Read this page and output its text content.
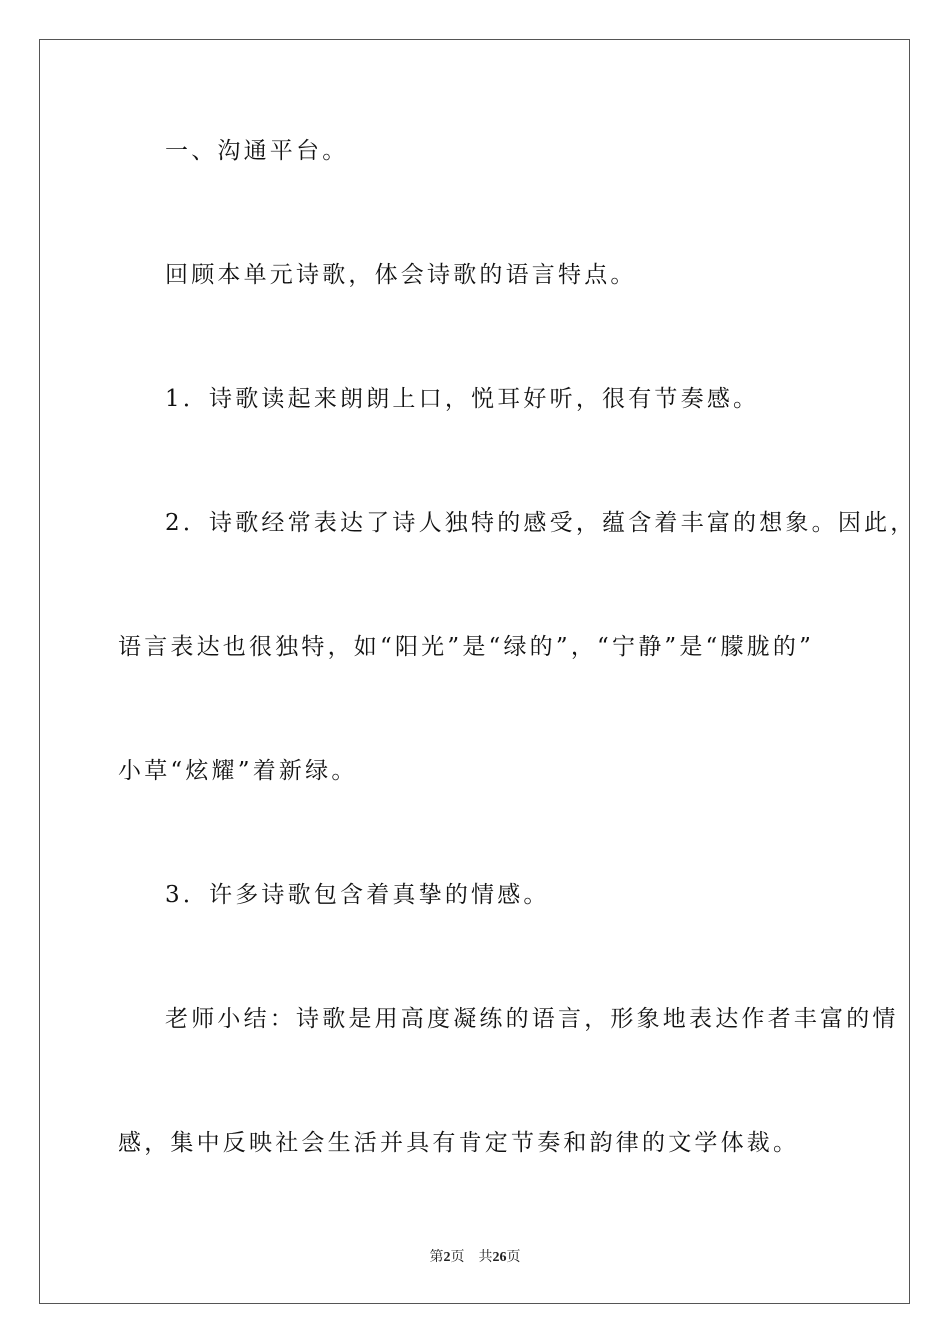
一、沟通平台。
回顾本单元诗歌，体会诗歌的语言特点。
1．诗歌读起来朗朗上口，悦耳好听，很有节奏感。
2．诗歌经常表达了诗人独特的感受，蕴含着丰富的想象。因此，
语言表达也很独特，如“阳光”是“绿的”，“宁静”是“朦胧的”
小草“炫耀”着新绿。
3．许多诗歌包含着真挚的情感。
老师小结：诗歌是用高度凝练的语言，形象地表达作者丰富的情
感，集中反映社会生活并具有肯定节奏和韵律的文学体裁。
第2页 共26页
